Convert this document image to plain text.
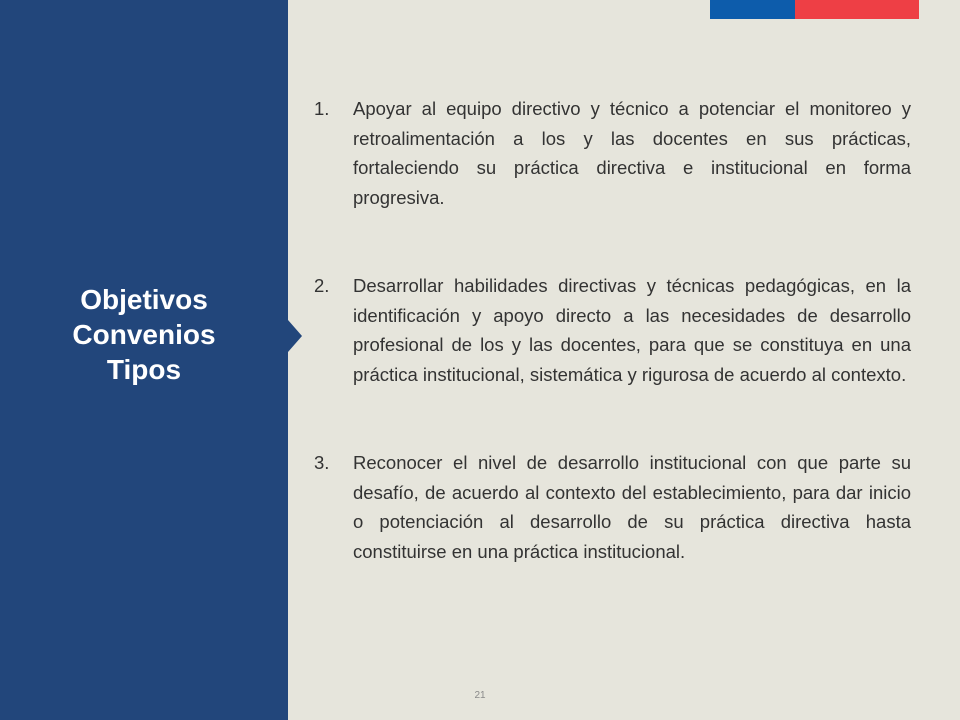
Objetivos
Convenios
Tipos
1. Apoyar al equipo directivo y técnico a potenciar el monitoreo y retroalimentación a los y las docentes en sus prácticas, fortaleciendo su práctica directiva e institucional en forma progresiva.
2. Desarrollar habilidades directivas y técnicas pedagógicas, en la identificación y apoyo directo a las necesidades de desarrollo profesional de los y las docentes, para que se constituya en una práctica institucional, sistemática y rigurosa de acuerdo al contexto.
3. Reconocer el nivel de desarrollo institucional con que parte su desafío, de acuerdo al contexto del establecimiento, para dar inicio o potenciación al desarrollo de su práctica directiva hasta constituirse en una práctica institucional.
21
